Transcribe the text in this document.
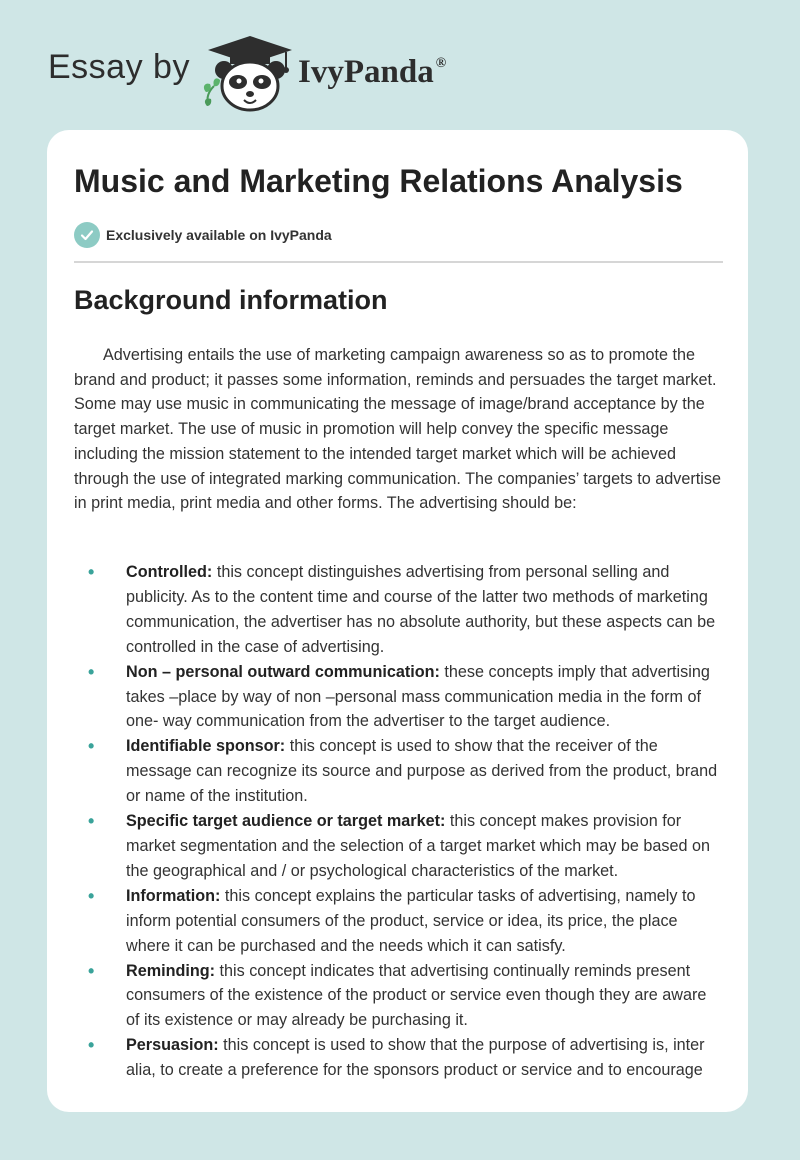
Essay by	IvyPanda ®
Music and Marketing Relations Analysis
Exclusively available on IvyPanda
Background information

Advertising entails the use of marketing campaign awareness so as to promote the brand and product; it passes some information, reminds and persuades the target market. Some may use music in communicating the message of image/brand acceptance by the target market. The use of music in promotion will help convey the specific message including the mission statement to the intended target market which will be achieved through the use of integrated marking communication. The companies’ targets to advertise in print media, print media and other forms. The advertising should be:

• Controlled: this concept distinguishes advertising from personal selling and publicity. As to the content time and course of the latter two methods of marketing communication, the advertiser has no absolute authority, but these aspects can be controlled in the case of advertising.
• Non – personal outward communication: these concepts imply that advertising takes –place by way of non –personal mass communication media in the form of one- way communication from the advertiser to the target audience.
• Identifiable sponsor: this concept is used to show that the receiver of the message can recognize its source and purpose as derived from the product, brand or name of the institution.
• Specific target audience or target market: this concept makes provision for market segmentation and the selection of a target market which may be based on the geographical and / or psychological characteristics of the market.
• Information: this concept explains the particular tasks of advertising, namely to inform potential consumers of the product, service or idea, its price, the place where it can be purchased and the needs which it can satisfy.
• Reminding: this concept indicates that advertising continually reminds present consumers of the existence of the product or service even though they are aware of its existence or may already be purchasing it.
• Persuasion: this concept is used to show that the purpose of advertising is, inter alia, to create a preference for the sponsors product or service and to encourage
